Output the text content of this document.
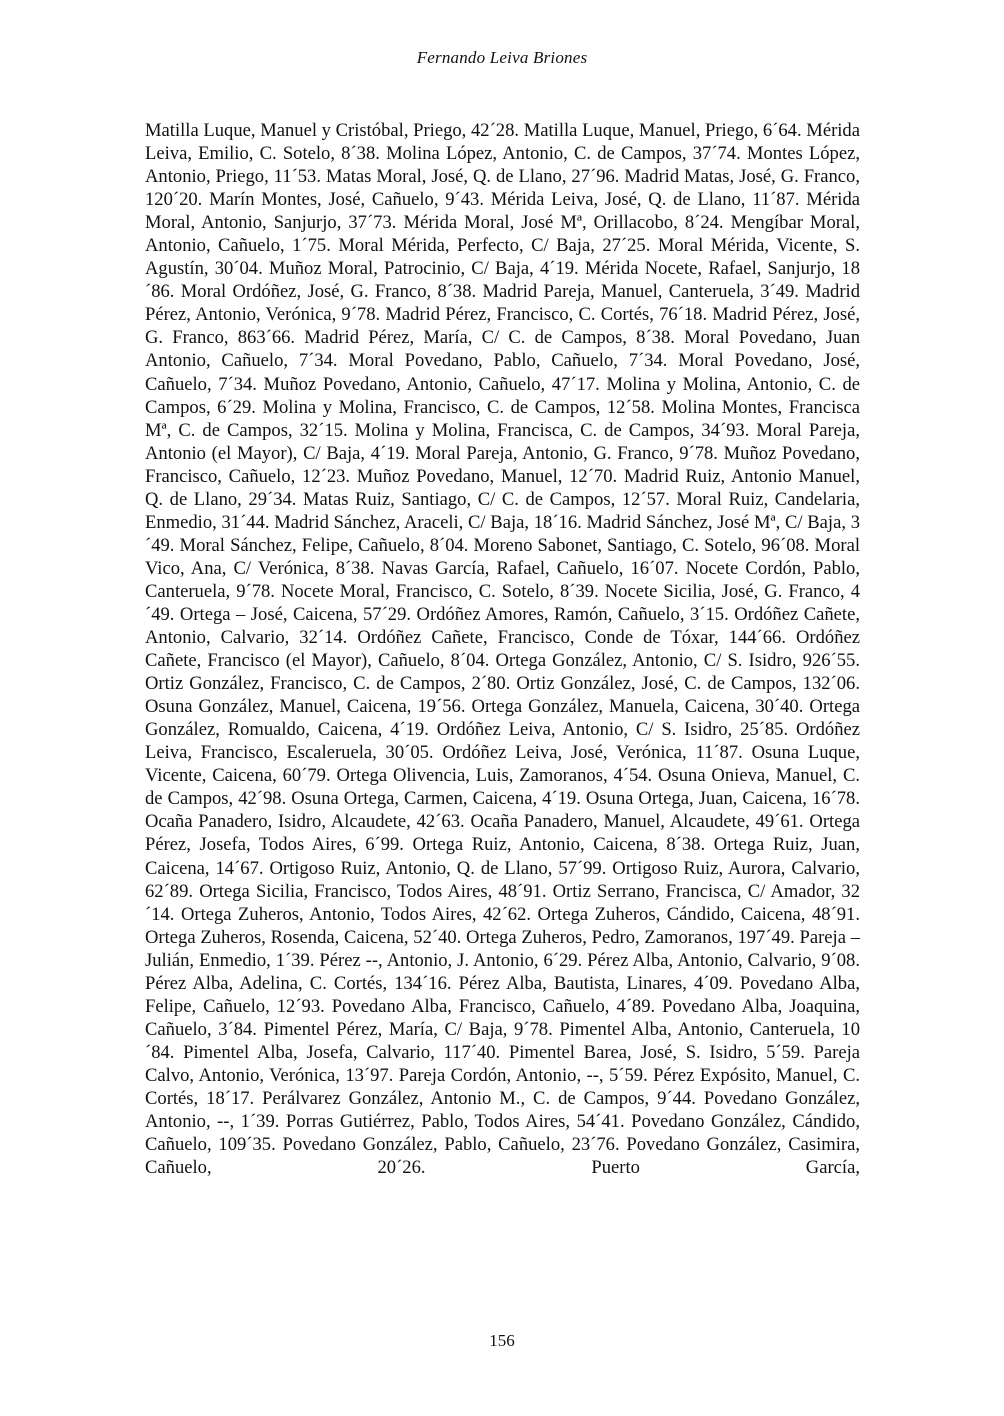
Fernando Leiva Briones

Matilla Luque, Manuel y Cristóbal, Priego, 42´28. Matilla Luque, Manuel, Priego, 6´64. Mérida Leiva, Emilio, C. Sotelo, 8´38. Molina López, Antonio, C. de Campos, 37´74. Montes López, Antonio, Priego, 11´53. Matas Moral, José, Q. de Llano, 27´96. Madrid Matas, José, G. Franco, 120´20. Marín Montes, José, Cañuelo, 9´43. Mérida Leiva, José, Q. de Llano, 11´87. Mérida Moral, Antonio, Sanjurjo, 37´73. Mérida Moral, José Mª, Orillacobo, 8´24. Mengíbar Moral, Antonio, Cañuelo, 1´75. Moral Mérida, Perfecto, C/ Baja, 27´25. Moral Mérida, Vicente, S. Agustín, 30´04. Muñoz Moral, Patrocinio, C/ Baja, 4´19. Mérida Nocete, Rafael, Sanjurjo, 18´86. Moral Ordóñez, José, G. Franco, 8´38. Madrid Pareja, Manuel, Canteruela, 3´49. Madrid Pérez, Antonio, Verónica, 9´78. Madrid Pérez, Francisco, C. Cortés, 76´18. Madrid Pérez, José, G. Franco, 863´66. Madrid Pérez, María, C/ C. de Campos, 8´38. Moral Povedano, Juan Antonio, Cañuelo, 7´34. Moral Povedano, Pablo, Cañuelo, 7´34. Moral Povedano, José, Cañuelo, 7´34. Muñoz Povedano, Antonio, Cañuelo, 47´17. Molina y Molina, Antonio, C. de Campos, 6´29. Molina y Molina, Francisco, C. de Campos, 12´58. Molina Montes, Francisca Mª, C. de Campos, 32´15. Molina y Molina, Francisca, C. de Campos, 34´93. Moral Pareja, Antonio (el Mayor), C/ Baja, 4´19. Moral Pareja, Antonio, G. Franco, 9´78. Muñoz Povedano, Francisco, Cañuelo, 12´23. Muñoz Povedano, Manuel, 12´70. Madrid Ruiz, Antonio Manuel, Q. de Llano, 29´34. Matas Ruiz, Santiago, C/ C. de Campos, 12´57. Moral Ruiz, Candelaria, Enmedio, 31´44. Madrid Sánchez, Araceli, C/ Baja, 18´16. Madrid Sánchez, José Mª, C/ Baja, 3´49. Moral Sánchez, Felipe, Cañuelo, 8´04. Moreno Sabonet, Santiago, C. Sotelo, 96´08. Moral Vico, Ana, C/ Verónica, 8´38. Navas García, Rafael, Cañuelo, 16´07. Nocete Cordón, Pablo, Canteruela, 9´78. Nocete Moral, Francisco, C. Sotelo, 8´39. Nocete Sicilia, José, G. Franco, 4´49. Ortega – José, Caicena, 57´29. Ordóñez Amores, Ramón, Cañuelo, 3´15. Ordóñez Cañete, Antonio, Calvario, 32´14. Ordóñez Cañete, Francisco, Conde de Tóxar, 144´66. Ordóñez Cañete, Francisco (el Mayor), Cañuelo, 8´04. Ortega González, Antonio, C/ S. Isidro, 926´55. Ortiz González, Francisco, C. de Campos, 2´80. Ortiz González, José, C. de Campos, 132´06. Osuna González, Manuel, Caicena, 19´56. Ortega González, Manuela, Caicena, 30´40. Ortega González, Romualdo, Caicena, 4´19. Ordóñez Leiva, Antonio, C/ S. Isidro, 25´85. Ordóñez Leiva, Francisco, Escaleruela, 30´05. Ordóñez Leiva, José, Verónica, 11´87. Osuna Luque, Vicente, Caicena, 60´79. Ortega Olivencia, Luis, Zamoranos, 4´54. Osuna Onieva, Manuel, C. de Campos, 42´98. Osuna Ortega, Carmen, Caicena, 4´19. Osuna Ortega, Juan, Caicena, 16´78. Ocaña Panadero, Isidro, Alcaudete, 42´63. Ocaña Panadero, Manuel, Alcaudete, 49´61. Ortega Pérez, Josefa, Todos Aires, 6´99. Ortega Ruiz, Antonio, Caicena, 8´38. Ortega Ruiz, Juan, Caicena, 14´67. Ortigoso Ruiz, Antonio, Q. de Llano, 57´99. Ortigoso Ruiz, Aurora, Calvario, 62´89. Ortega Sicilia, Francisco, Todos Aires, 48´91. Ortiz Serrano, Francisca, C/ Amador, 32´14. Ortega Zuheros, Antonio, Todos Aires, 42´62. Ortega Zuheros, Cándido, Caicena, 48´91. Ortega Zuheros, Rosenda, Caicena, 52´40. Ortega Zuheros, Pedro, Zamoranos, 197´49. Pareja – Julián, Enmedio, 1´39. Pérez --, Antonio, J. Antonio, 6´29. Pérez Alba, Antonio, Calvario, 9´08. Pérez Alba, Adelina, C. Cortés, 134´16. Pérez Alba, Bautista, Linares, 4´09. Povedano Alba, Felipe, Cañuelo, 12´93. Povedano Alba, Francisco, Cañuelo, 4´89. Povedano Alba, Joaquina, Cañuelo, 3´84. Pimentel Pérez, María, C/ Baja, 9´78. Pimentel Alba, Antonio, Canteruela, 10´84. Pimentel Alba, Josefa, Calvario, 117´40. Pimentel Barea, José, S. Isidro, 5´59. Pareja Calvo, Antonio, Verónica, 13´97. Pareja Cordón, Antonio, --, 5´59. Pérez Expósito, Manuel, C. Cortés, 18´17. Perálvarez González, Antonio M., C. de Campos, 9´44. Povedano González, Antonio, --, 1´39. Porras Gutiérrez, Pablo, Todos Aires, 54´41. Povedano González, Cándido, Cañuelo, 109´35. Povedano González, Pablo, Cañuelo, 23´76. Povedano González, Casimira, Cañuelo, 20´26. Puerto García,

156
